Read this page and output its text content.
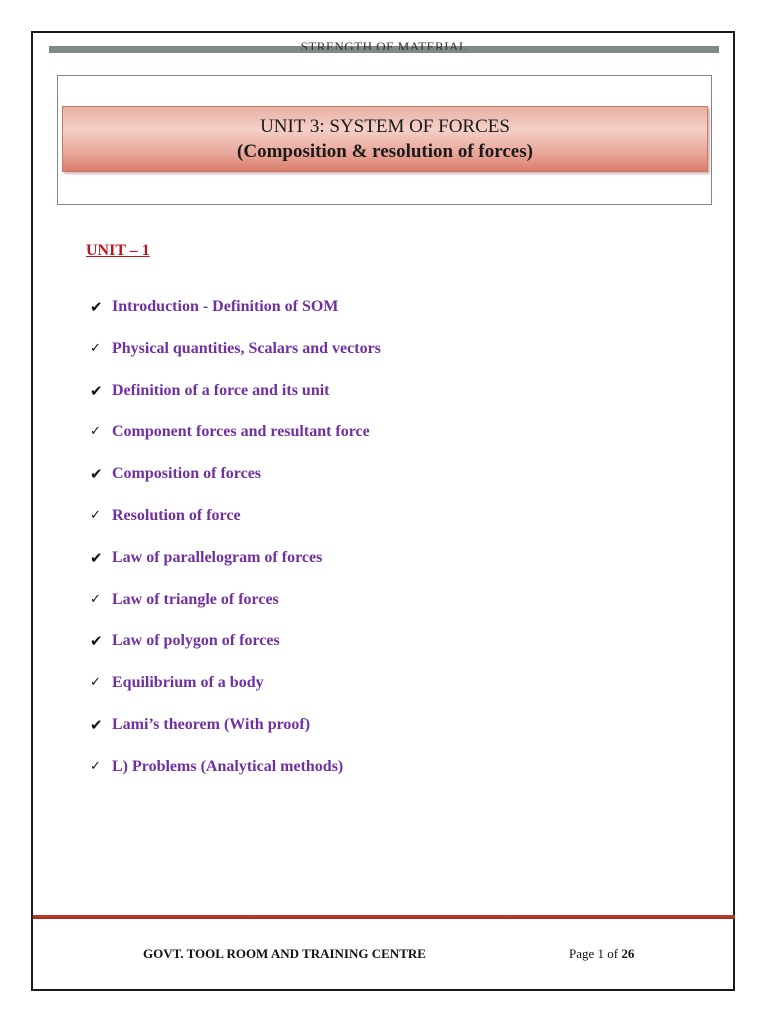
STRENGTH OF MATERIAL
UNIT 3: SYSTEM OF FORCES
(Composition & resolution of forces)
UNIT – 1
✔ Introduction - Definition of SOM
✓ Physical quantities, Scalars and vectors
✔ Definition of a force and its unit
✓ Component forces and resultant force
✔ Composition of forces
✓ Resolution of force
✔ Law of parallelogram of forces
✓ Law of triangle of forces
✔ Law of polygon of forces
✓ Equilibrium of a body
✔ Lami’s theorem (With proof)
✓ L) Problems (Analytical methods)
GOVT. TOOL ROOM AND TRAINING CENTRE	Page 1 of 26
